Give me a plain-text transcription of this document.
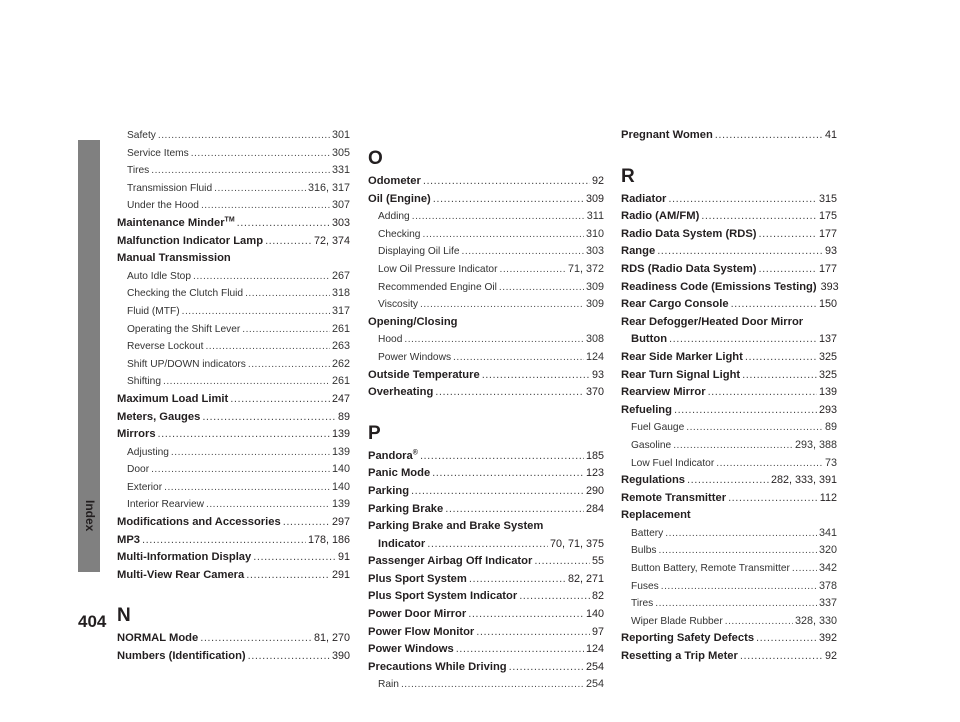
Index
404
Safety .....	301
Service Items .....	305
Tires .....	331
Transmission Fluid .....	316, 317
Under the Hood .....	307
Maintenance Minder™ .....	303
Malfunction Indicator Lamp .....	72, 374
Manual Transmission
Auto Idle Stop .....	267
Checking the Clutch Fluid .....	318
Fluid (MTF) .....	317
Operating the Shift Lever .....	261
Reverse Lockout .....	263
Shift UP/DOWN indicators .....	262
Shifting .....	261
Maximum Load Limit .....	247
Meters, Gauges .....	89
Mirrors .....	139
Adjusting .....	139
Door .....	140
Exterior .....	140
Interior Rearview .....	139
Modifications and Accessories .....	297
MP3 .....	178, 186
Multi-Information Display .....	91
Multi-View Rear Camera .....	291
N
NORMAL Mode .....	81, 270
Numbers (Identification) .....	390
O
Odometer .....	92
Oil (Engine) .....	309
Adding .....	311
Checking .....	310
Displaying Oil Life .....	303
Low Oil Pressure Indicator .....	71, 372
Recommended Engine Oil .....	309
Viscosity .....	309
Opening/Closing
Hood .....	308
Power Windows .....	124
Outside Temperature .....	93
Overheating .....	370
P
Pandora® .....	185
Panic Mode .....	123
Parking .....	290
Parking Brake .....	284
Parking Brake and Brake System
Indicator .....	70, 71, 375
Passenger Airbag Off Indicator .....	55
Plus Sport System .....	82, 271
Plus Sport System Indicator .....	82
Power Door Mirror .....	140
Power Flow Monitor .....	97
Power Windows .....	124
Precautions While Driving .....	254
Rain .....	254
Pregnant Women .....	41
R
Radiator .....	315
Radio (AM/FM) .....	175
Radio Data System (RDS) .....	177
Range .....	93
RDS (Radio Data System) .....	177
Readiness Code (Emissions Testing) 393
Rear Cargo Console .....	150
Rear Defogger/Heated Door Mirror
Button .....	137
Rear Side Marker Light .....	325
Rear Turn Signal Light .....	325
Rearview Mirror .....	139
Refueling .....	293
Fuel Gauge .....	89
Gasoline .....	293, 388
Low Fuel Indicator .....	73
Regulations .....	282, 333, 391
Remote Transmitter .....	112
Replacement
Battery .....	341
Bulbs .....	320
Button Battery, Remote Transmitter .....	342
Fuses .....	378
Tires .....	337
Wiper Blade Rubber .....	328, 330
Reporting Safety Defects .....	392
Resetting a Trip Meter .....	92
